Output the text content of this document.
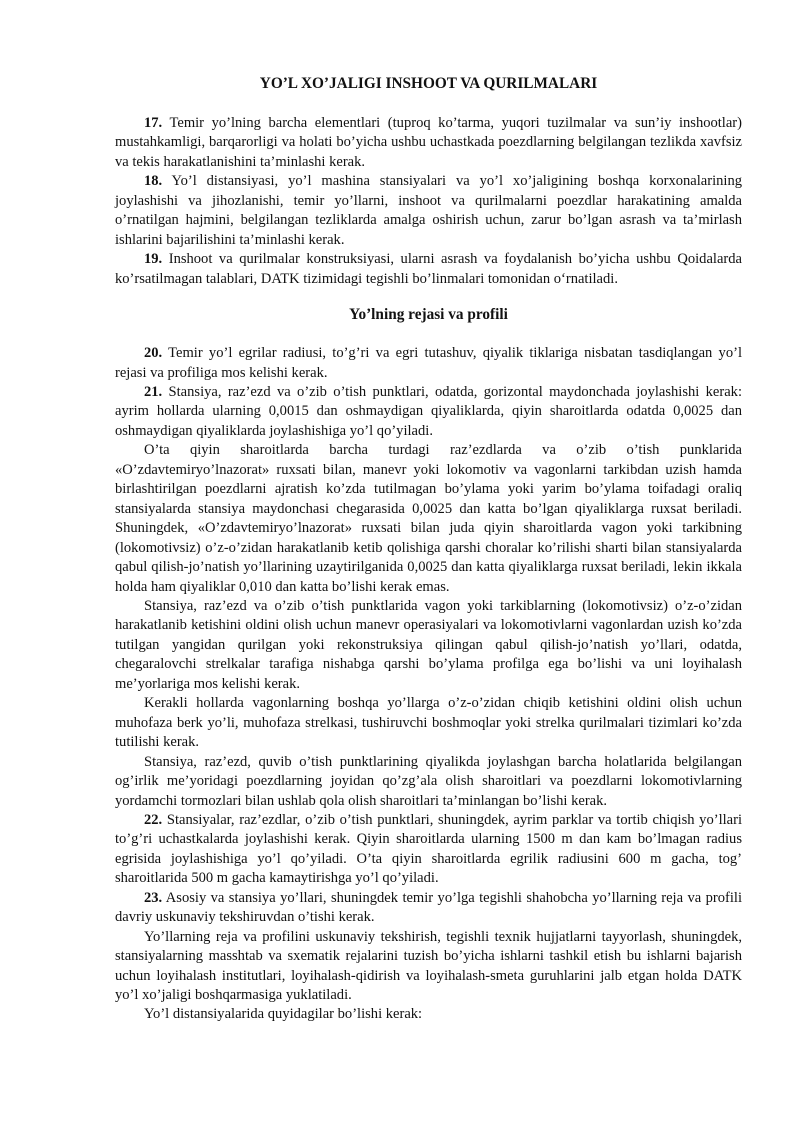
YO’L XO’JALIGI INSHOOT VA QURILMALARI

17. Temir yo’lning barcha elementlari (tuproq ko’tarma, yuqori tuzilmalar va sun’iy inshootlar) mustahkamligi, barqarorligi va holati bo’yicha ushbu uchastkada poezdlarning belgilangan tezlikda xavfsiz va tekis harakatlanishini ta’minlashi kerak.

18. Yo’l distansiyasi, yo’l mashina stansiyalari va yo’l xo’jaligining boshqa korxonalarining joylashishi va jihozlanishi, temir yo’llarni, inshoot va qurilmalarni poezdlar harakatining amalda o’rnatilgan hajmini, belgilangan tezliklarda amalga oshirish uchun, zarur bo’lgan asrash va ta’mirlash ishlarini bajarilishini ta’minlashi kerak.

19. Inshoot va qurilmalar konstruksiyasi, ularni asrash va foydalanish bo’yicha ushbu Qoidalarda ko’rsatilmagan talablari, DATK tizimidagi tegishli bo’linmalari tomonidan o‘rnatiladi.

Yo’lning rejasi va profili

20. Temir yo’l egrilar radiusi, to’g’ri va egri tutashuv, qiyalik tiklariga nisbatan tasdiqlangan yo’l rejasi va profiliga mos kelishi kerak.

21. Stansiya, raz’ezd va o’zib o’tish punktlari, odatda, gorizontal maydonchada joylashishi kerak: ayrim hollarda ularning 0,0015 dan oshmaydigan qiyaliklarda, qiyin sharoitlarda odatda 0,0025 dan oshmaydigan qiyaliklarda joylashishiga yo’l qo’yiladi.

O’ta qiyin sharoitlarda barcha turdagi raz’ezdlarda va o’zib o’tish punklarida «O’zdavtemiryo’lnazorat» ruxsati bilan, manevr yoki lokomotiv va vagonlarni tarkibdan uzish hamda birlashtirilgan poezdlarni ajratish ko’zda tutilmagan bo’ylama yoki yarim bo’ylama toifadagi oraliq stansiyalarda stansiya maydonchasi chegarasida 0,0025 dan katta bo’lgan qiyaliklarga ruxsat beriladi. Shuningdek, «O’zdavtemiryo’lnazorat» ruxsati bilan juda qiyin sharoitlarda vagon yoki tarkibning (lokomotivsiz) o’z-o’zidan harakatlanib ketib qolishiga qarshi choralar ko’rilishi sharti bilan stansiyalarda qabul qilish-jo’natish yo’llarining uzaytirilganida 0,0025 dan katta qiyaliklarga ruxsat beriladi, lekin ikkala holda ham qiyaliklar 0,010 dan katta bo’lishi kerak emas.

Stansiya, raz’ezd va o’zib o’tish punktlarida vagon yoki tarkiblarning (lokomotivsiz) o’z-o’zidan harakatlanib ketishini oldini olish uchun manevr operasiyalari va lokomotivlarni vagonlardan uzish ko’zda tutilgan yangidan qurilgan yoki rekonstruksiya qilingan qabul qilish-jo’natish yo’llari, odatda, chegaralovchi strelkalar tarafiga nishabga qarshi bo’ylama profilga ega bo’lishi va uni loyihalash me’yorlariga mos kelishi kerak.

Kerakli hollarda vagonlarning boshqa yo’llarga o’z-o’zidan chiqib ketishini oldini olish uchun muhofaza berk yo’li, muhofaza strelkasi, tushiruvchi boshmoqlar yoki strelka qurilmalari tizimlari ko’zda tutilishi kerak.

Stansiya, raz’ezd, quvib o’tish punktlarining qiyalikda joylashgan barcha holatlarida belgilangan og’irlik me’yoridagi poezdlarning joyidan qo’zg’ala olish sharoitlari va poezdlarni lokomotivlarning yordamchi tormozlari bilan ushlab qola olish sharoitlari ta’minlangan bo’lishi kerak.

22. Stansiyalar, raz’ezdlar, o’zib o’tish punktlari, shuningdek, ayrim parklar va tortib chiqish yo’llari to’g’ri uchastkalarda joylashishi kerak. Qiyin sharoitlarda ularning 1500 m dan kam bo’lmagan radius egrisida joylashishiga yo’l qo’yiladi. O’ta qiyin sharoitlarda egrilik radiusini 600 m gacha, tog’ sharoitlarida 500 m gacha kamaytirishga yo’l qo’yiladi.

23. Asosiy va stansiya yo’llari, shuningdek temir yo’lga tegishli shahobcha yo’llarning reja va profili davriy uskunaviy tekshiruvdan o’tishi kerak.

Yo’llarning reja va profilini uskunaviy tekshirish, tegishli texnik hujjatlarni tayyorlash, shuningdek, stansiyalarning masshtab va sxematik rejalarini tuzish bo’yicha ishlarni tashkil etish bu ishlarni bajarish uchun loyihalash institutlari, loyihalash-qidirish va loyihalash-smeta guruhlarini jalb etgan holda DATK yo’l xo’jaligi boshqarmasiga yuklatiladi.

Yo’l distansiyalarida quyidagilar bo’lishi kerak:
